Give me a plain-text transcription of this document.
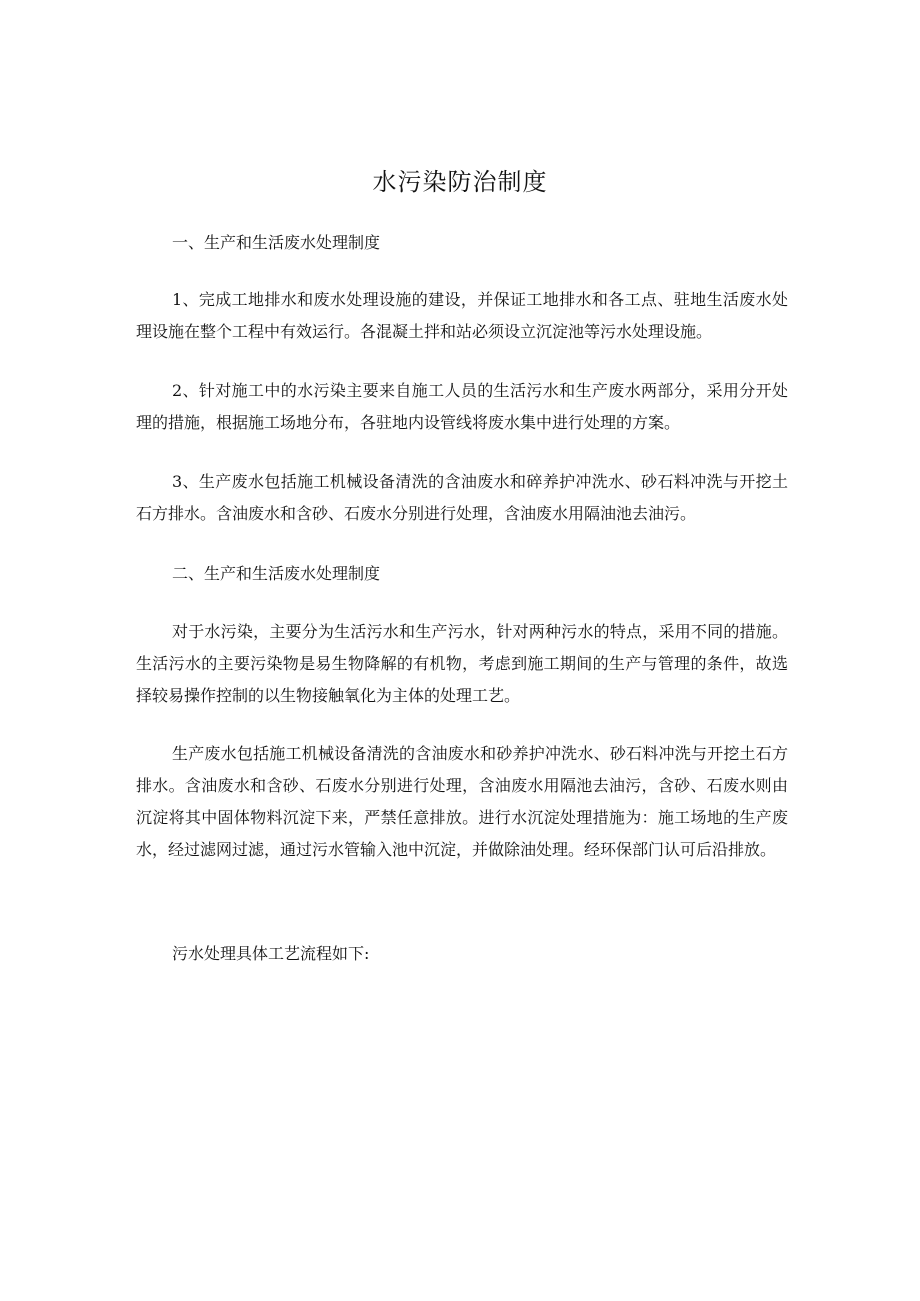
水污染防治制度
一、生产和生活废水处理制度
1、完成工地排水和废水处理设施的建设，并保证工地排水和各工点、驻地生活废水处理设施在整个工程中有效运行。各混凝土拌和站必须设立沉淀池等污水处理设施。
2、针对施工中的水污染主要来自施工人员的生活污水和生产废水两部分，采用分开处理的措施，根据施工场地分布，各驻地内设管线将废水集中进行处理的方案。
3、生产废水包括施工机械设备清洗的含油废水和碎养护冲洗水、砂石料冲洗与开挖土石方排水。含油废水和含砂、石废水分别进行处理，含油废水用隔油池去油污。
二、生产和生活废水处理制度
对于水污染，主要分为生活污水和生产污水，针对两种污水的特点，采用不同的措施。生活污水的主要污染物是易生物降解的有机物，考虑到施工期间的生产与管理的条件，故选择较易操作控制的以生物接触氧化为主体的处理工艺。
生产废水包括施工机械设备清洗的含油废水和砂养护冲洗水、砂石料冲洗与开挖土石方排水。含油废水和含砂、石废水分别进行处理，含油废水用隔池去油污，含砂、石废水则由沉淀将其中固体物料沉淀下来，严禁任意排放。进行水沉淀处理措施为：施工场地的生产废水，经过滤网过滤，通过污水管输入池中沉淀，并做除油处理。经环保部门认可后沿排放。
污水处理具体工艺流程如下:
